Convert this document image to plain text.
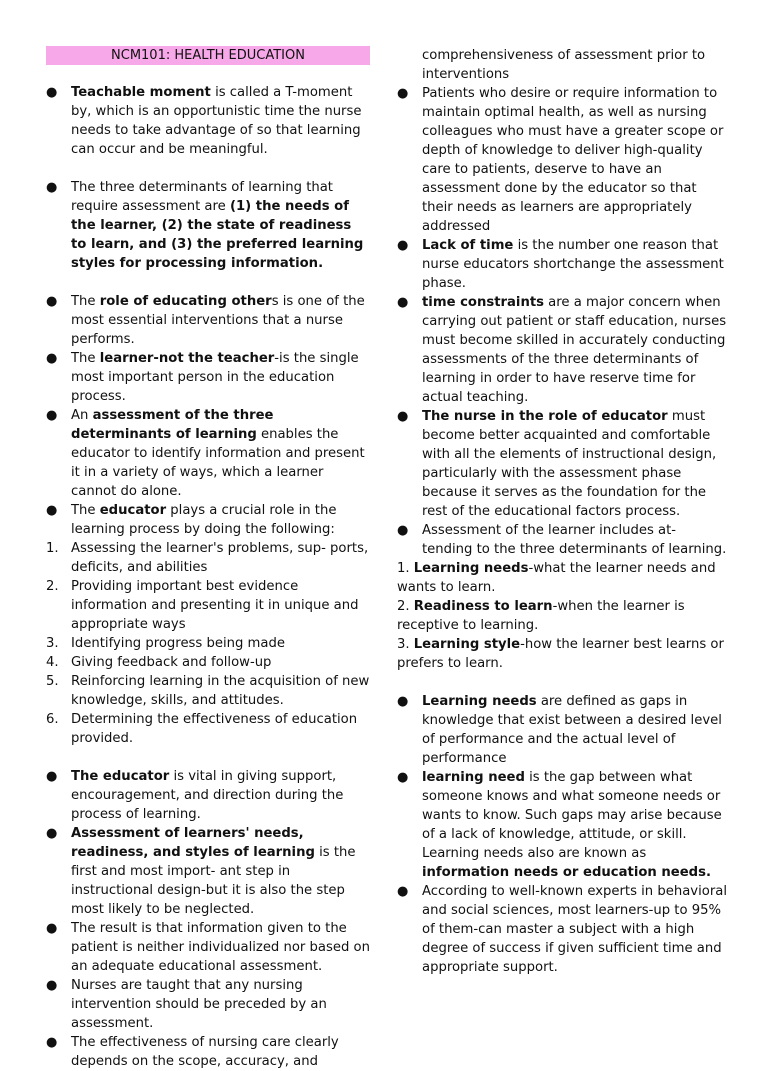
NCM101: HEALTH EDUCATION

● Teachable moment is called a T-moment by, which is an opportunistic time the nurse needs to take advantage of so that learning can occur and be meaningful.

● The three determinants of learning that require assessment are (1) the needs of the learner, (2) the state of readiness to learn, and (3) the preferred learning styles for processing information.

● The role of educating others is one of the most essential interventions that a nurse performs.

● The learner-not the teacher-is the single most important person in the education process.

● An assessment of the three determinants of learning enables the educator to identify information and present it in a variety of ways, which a learner cannot do alone.

● The educator plays a crucial role in the learning process by doing the following:

1. Assessing the learner's problems, sup- ports, deficits, and abilities

2. Providing important best evidence information and presenting it in unique and appropriate ways

3. Identifying progress being made

4. Giving feedback and follow-up

5. Reinforcing learning in the acquisition of new knowledge, skills, and attitudes.

6. Determining the effectiveness of education provided.

● The educator is vital in giving support, encouragement, and direction during the process of learning.

● Assessment of learners' needs, readiness, and styles of learning is the first and most import- ant step in instructional design-but it is also the step most likely to be neglected.

● The result is that information given to the patient is neither individualized nor based on an adequate educational assessment.

● Nurses are taught that any nursing intervention should be preceded by an assessment.

● The effectiveness of nursing care clearly depends on the scope, accuracy, and

comprehensiveness of assessment prior to interventions

● Patients who desire or require information to maintain optimal health, as well as nursing colleagues who must have a greater scope or depth of knowledge to deliver high-quality care to patients, deserve to have an assessment done by the educator so that their needs as learners are appropriately addressed

● Lack of time is the number one reason that nurse educators shortchange the assessment phase.

● time constraints are a major concern when carrying out patient or staff education, nurses must become skilled in accurately conducting assessments of the three determinants of learning in order to have reserve time for actual teaching.

● The nurse in the role of educator must become better acquainted and comfortable with all the elements of instructional design, particularly with the assessment phase because it serves as the foundation for the rest of the educational factors process.

● Assessment of the learner includes at- tending to the three determinants of learning.

1. Learning needs-what the learner needs and wants to learn.

2. Readiness to learn-when the learner is receptive to learning.

3. Learning style-how the learner best learns or prefers to learn.

● Learning needs are defined as gaps in knowledge that exist between a desired level of performance and the actual level of performance

● learning need is the gap between what someone knows and what someone needs or wants to know. Such gaps may arise because of a lack of knowledge, attitude, or skill. Learning needs also are known as information needs or education needs.

● According to well-known experts in behavioral and social sciences, most learners-up to 95% of them-can master a subject with a high degree of success if given sufficient time and appropriate support.
